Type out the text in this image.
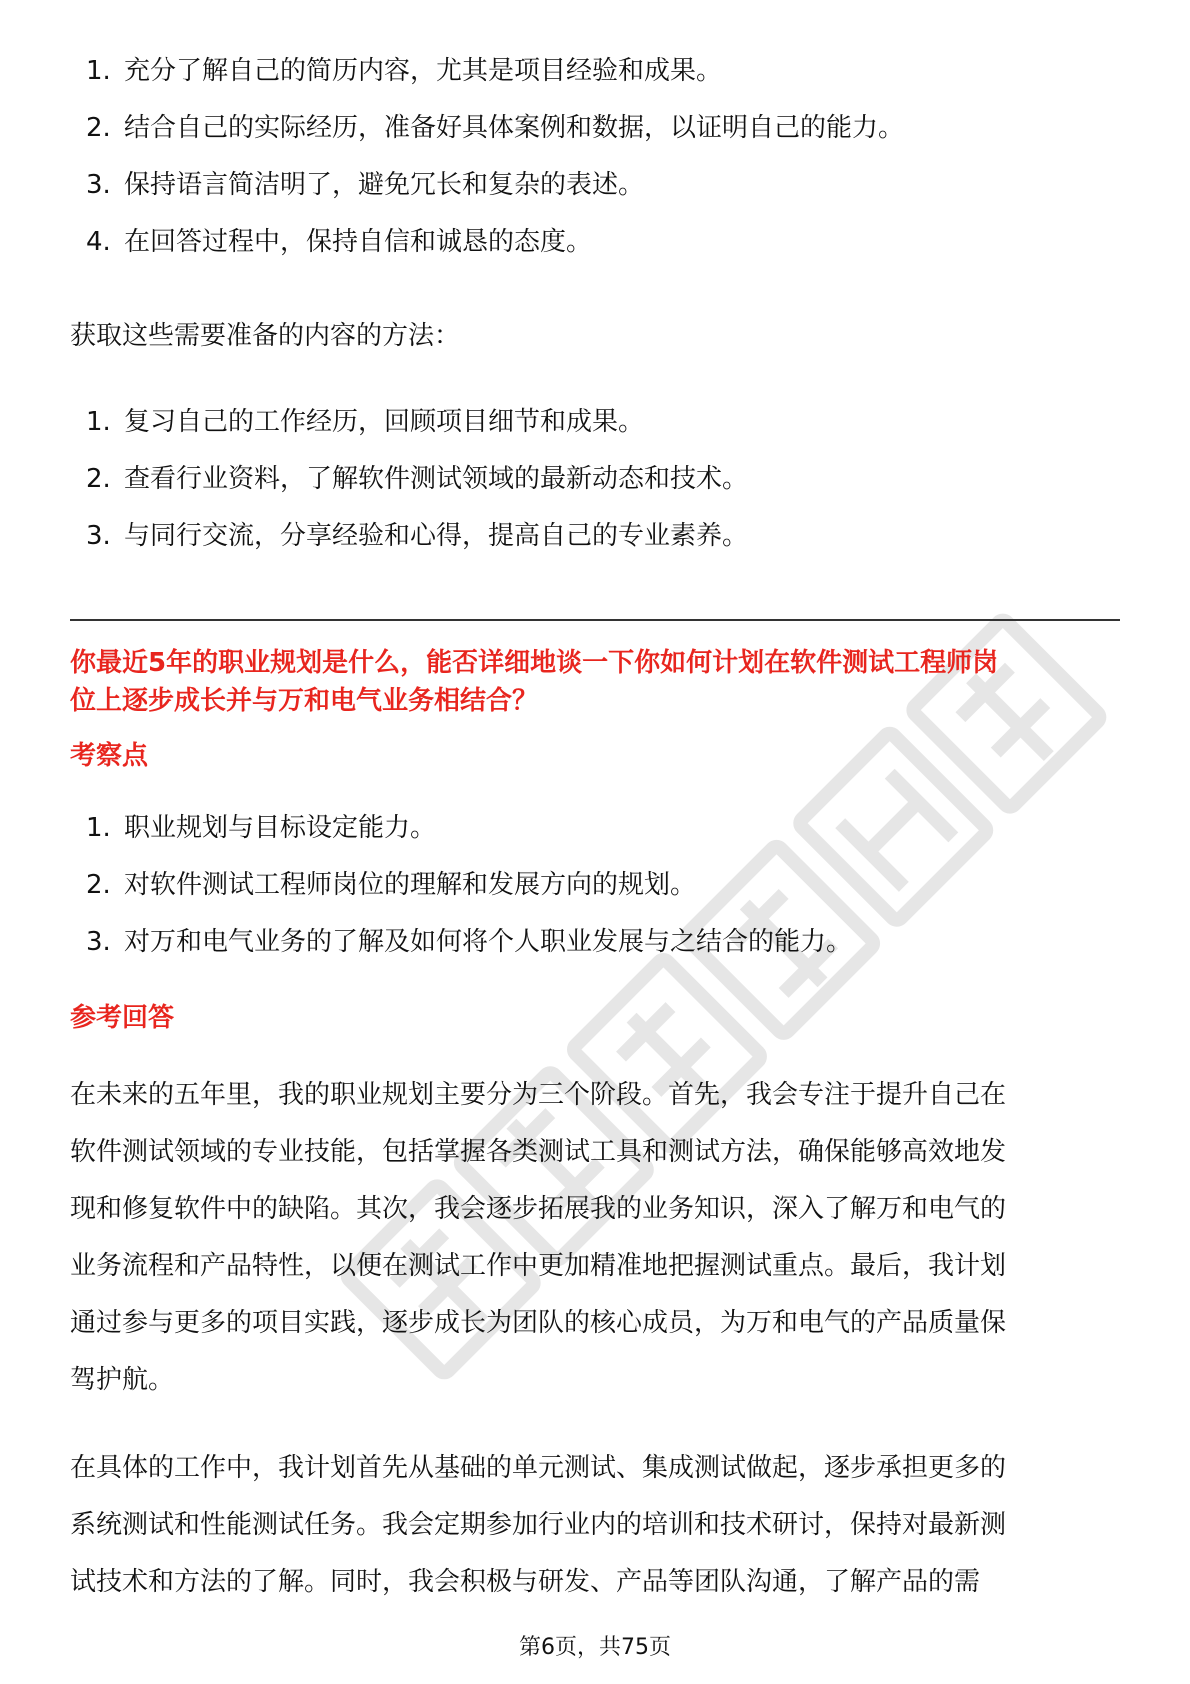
1. 充分了解自己的简历内容，尤其是项目经验和成果。
2. 结合自己的实际经历，准备好具体案例和数据，以证明自己的能力。
3. 保持语言简洁明了，避免冗长和复杂的表述。
4. 在回答过程中，保持自信和诚恳的态度。

获取这些需要准备的内容的方法：

1. 复习自己的工作经历，回顾项目细节和成果。
2. 查看行业资料，了解软件测试领域的最新动态和技术。
3. 与同行交流，分享经验和心得，提高自己的专业素养。
你最近5年的职业规划是什么，能否详细地谈一下你如何计划在软件测试工程师岗
位上逐步成长并与万和电气业务相结合？
考察点
1. 职业规划与目标设定能力。
2. 对软件测试工程师岗位的理解和发展方向的规划。
3. 对万和电气业务的了解及如何将个人职业发展与之结合的能力。
参考回答

在未来的五年里，我的职业规划主要分为三个阶段。首先，我会专注于提升自己在
软件测试领域的专业技能，包括掌握各类测试工具和测试方法，确保能够高效地发
现和修复软件中的缺陷。其次，我会逐步拓展我的业务知识，深入了解万和电气的
业务流程和产品特性，以便在测试工作中更加精准地把握测试重点。最后，我计划
通过参与更多的项目实践，逐步成长为团队的核心成员，为万和电气的产品质量保
驾护航。

在具体的工作中，我计划首先从基础的单元测试、集成测试做起，逐步承担更多的
系统测试和性能测试任务。我会定期参加行业内的培训和技术研讨，保持对最新测
试技术和方法的了解。同时，我会积极与研发、产品等团队沟通，了解产品的需

第6页，共75页
